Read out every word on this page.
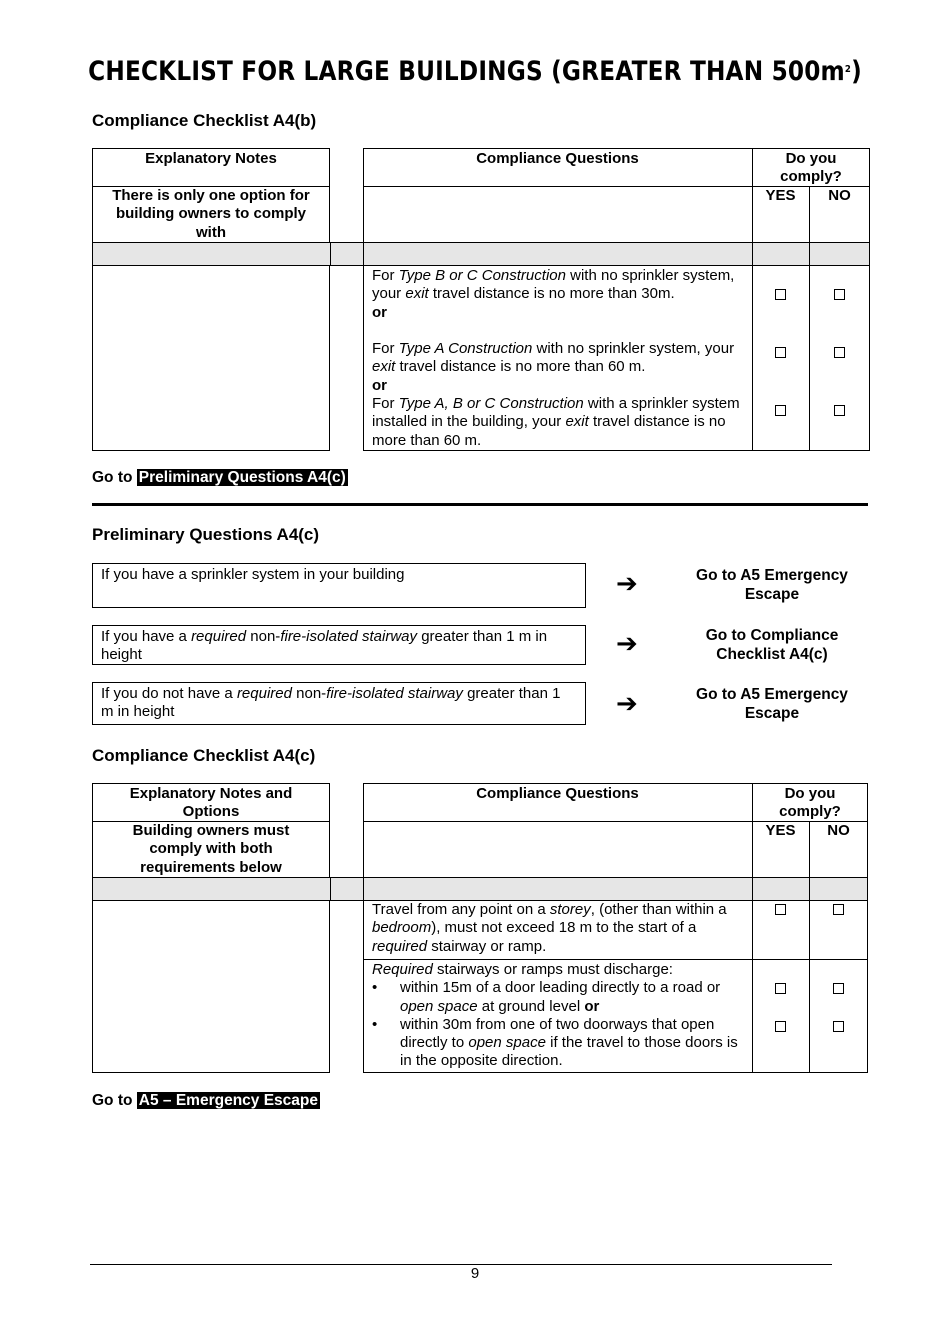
CHECKLIST FOR LARGE BUILDINGS (GREATER THAN $500m^2$)
Compliance Checklist A4(b)
Explanatory Notes	Compliance Questions	Do you comply?
YES	NO
There is only one option for building owners to comply with
For Type B or C Construction with no sprinkler system, your exit travel distance is no more than 30m.
or
For Type A Construction with no sprinkler system, your exit travel distance is no more than 60 m.
or
For Type A, B or C Construction with a sprinkler system installed in the building, your exit travel distance is no more than 60 m.
Go to Preliminary Questions A4(c)
Preliminary Questions A4(c)
If you have a sprinkler system in your building	➔	Go to A5 Emergency Escape
If you have a required non-fire-isolated stairway greater than 1 m in height	➔	Go to Compliance Checklist A4(c)
If you do not have a required non-fire-isolated stairway greater than 1 m in height	➔	Go to A5 Emergency Escape
Compliance Checklist A4(c)
Explanatory Notes and Options
Compliance Questions	Do you comply?
YES	NO
Building owners must comply with both requirements below
Travel from any point on a storey, (other than within a bedroom), must not exceed 18 m to the start of a required stairway or ramp.
Required stairways or ramps must discharge:
• within 15m of a door leading directly to a road or open space at ground level or
• within 30m from one of two doorways that open directly to open space if the travel to those doors is in the opposite direction.
Go to A5 – Emergency Escape
9
